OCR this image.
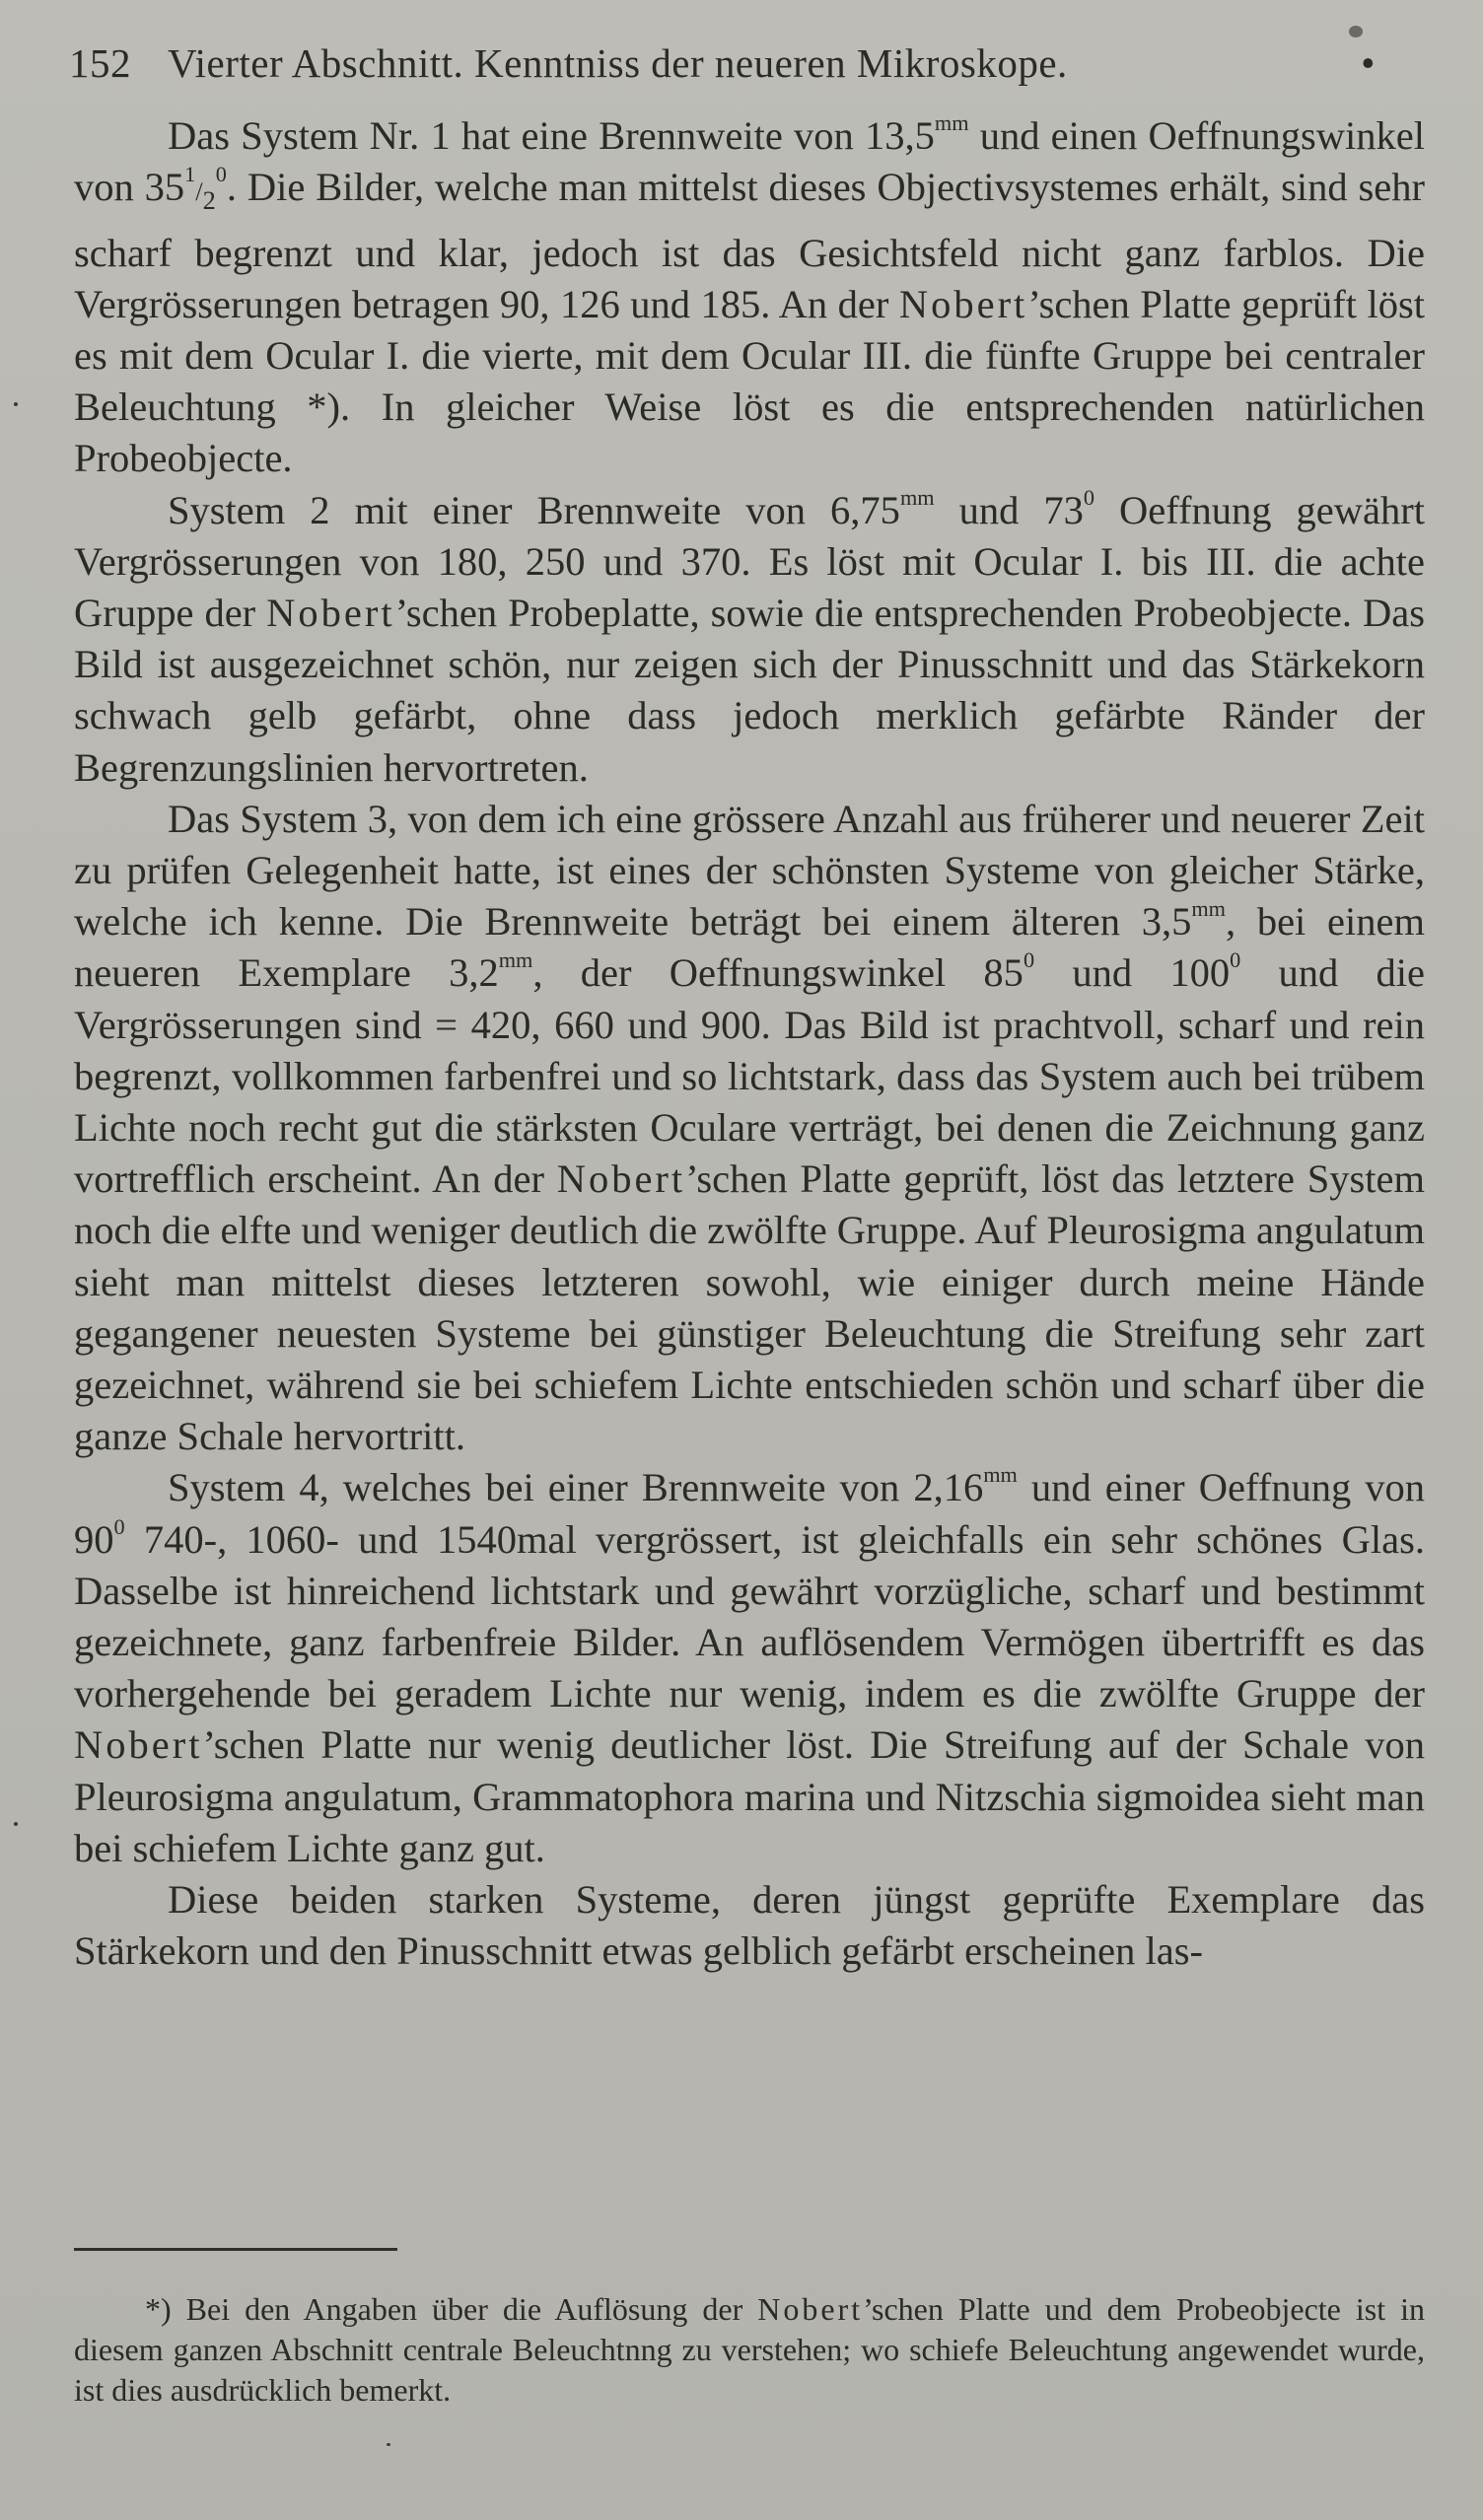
152 Vierter Abschnitt. Kenntniss der neueren Mikroskope.	•

Das System Nr. 1 hat eine Brennweite von $13,5^{mm}$ und einen Oeffnungswinkel von $35^1/_2^0$. Die Bilder, welche man mittelst dieses Objectivsystemes erhält, sind sehr scharf begrenzt und klar, jedoch ist das Gesichtsfeld nicht ganz farblos. Die Vergrösserungen betragen 90, 126 und 185. An der Nobert’schen Platte geprüft löst es mit dem Ocular I. die vierte, mit dem Ocular III. die fünfte Gruppe bei centraler Beleuchtung *). In gleicher Weise löst es die entsprechenden natürlichen Probeobjecte.

System 2 mit einer Brennweite von $6,75^{mm}$ und $73^0$ Oeffnung gewährt Vergrösserungen von 180, 250 und 370. Es löst mit Ocular I. bis III. die achte Gruppe der Nobert’schen Probeplatte, sowie die entsprechenden Probeobjecte. Das Bild ist ausgezeichnet schön, nur zeigen sich der Pinusschnitt und das Stärkekorn schwach gelb gefärbt, ohne dass jedoch merklich gefärbte Ränder der Begrenzungslinien hervortreten.

Das System 3, von dem ich eine grössere Anzahl aus früherer und neuerer Zeit zu prüfen Gelegenheit hatte, ist eines der schönsten Systeme von gleicher Stärke, welche ich kenne. Die Brennweite beträgt bei einem älteren $3,5^{mm}$, bei einem neueren Exemplare $3,2^{mm}$, der Oeffnungswinkel $85^0$ und $100^0$ und die Vergrösserungen sind = 420, 660 und 900. Das Bild ist prachtvoll, scharf und rein begrenzt, vollkommen farbenfrei und so lichtstark, dass das System auch bei trübem Lichte noch recht gut die stärksten Oculare verträgt, bei denen die Zeichnung ganz vortrefflich erscheint. An der Nobert’schen Platte geprüft, löst das letztere System noch die elfte und weniger deutlich die zwölfte Gruppe. Auf Pleurosigma angulatum sieht man mittelst dieses letzteren sowohl, wie einiger durch meine Hände gegangener neuesten Systeme bei günstiger Beleuchtung die Streifung sehr zart gezeichnet, während sie bei schiefem Lichte entschieden schön und scharf über die ganze Schale hervortritt.

System 4, welches bei einer Brennweite von $2,16^{mm}$ und einer Oeffnung von $90^0$ 740-, 1060- und 1540mal vergrössert, ist gleichfalls ein sehr schönes Glas. Dasselbe ist hinreichend lichtstark und gewährt vorzügliche, scharf und bestimmt gezeichnete, ganz farbenfreie Bilder. An auflösendem Vermögen übertrifft es das vorhergehende bei geradem Lichte nur wenig, indem es die zwölfte Gruppe der Nobert’schen Platte nur wenig deutlicher löst. Die Streifung auf der Schale von Pleurosigma angulatum, Grammatophora marina und Nitzschia sigmoidea sieht man bei schiefem Lichte ganz gut.

Diese beiden starken Systeme, deren jüngst geprüfte Exemplare das Stärkekorn und den Pinusschnitt etwas gelblich gefärbt erscheinen las-

*) Bei den Angaben über die Auflösung der Nobert’schen Platte und dem Probeobjecte ist in diesem ganzen Abschnitt centrale Beleuchtnng zu verstehen; wo schiefe Beleuchtung angewendet wurde, ist dies ausdrücklich bemerkt.
